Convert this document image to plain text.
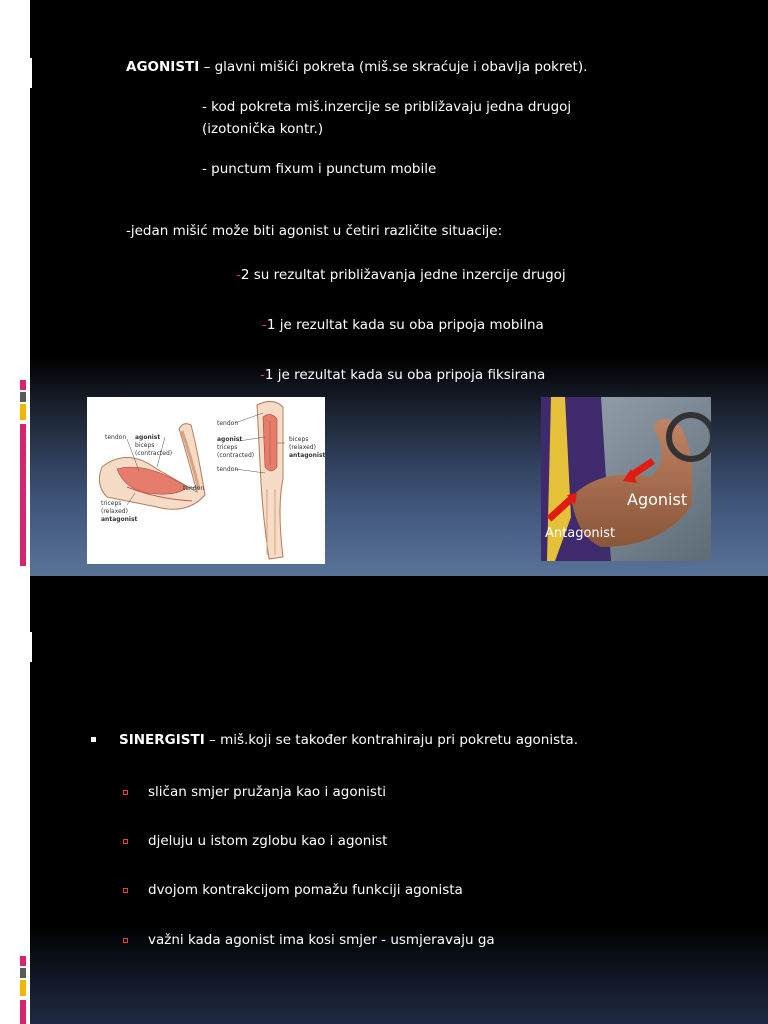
AGONISTI – glavni mišići pokreta (miš.se skraćuje i obavlja pokret).
- kod pokreta miš.inzercije se približavaju jedna drugoj
(izotonička kontr.)
- punctum fixum i punctum mobile
-jedan mišić može biti agonist u četiri različite situacije:
-2 su rezultat približavanja jedne inzercije drugoj
-1 je rezultat kada su oba pripoja mobilna
-1 je rezultat kada su oba pripoja fiksirana
tendon agonist
biceps
(contracted)
tendon
triceps
(relaxed)
antagonist
tendon
agonist
triceps
(contracted)
tendon
biceps
(relaxed)
antagonist
Agonist
Antagonist
SINERGISTI – miš.koji se također kontrahiraju pri pokretu agonista.
sličan smjer pružanja kao i agonisti
djeluju u istom zglobu kao i agonist
dvojom kontrakcijom pomažu funkciji agonista
važni kada agonist ima kosi smjer - usmjeravaju ga
